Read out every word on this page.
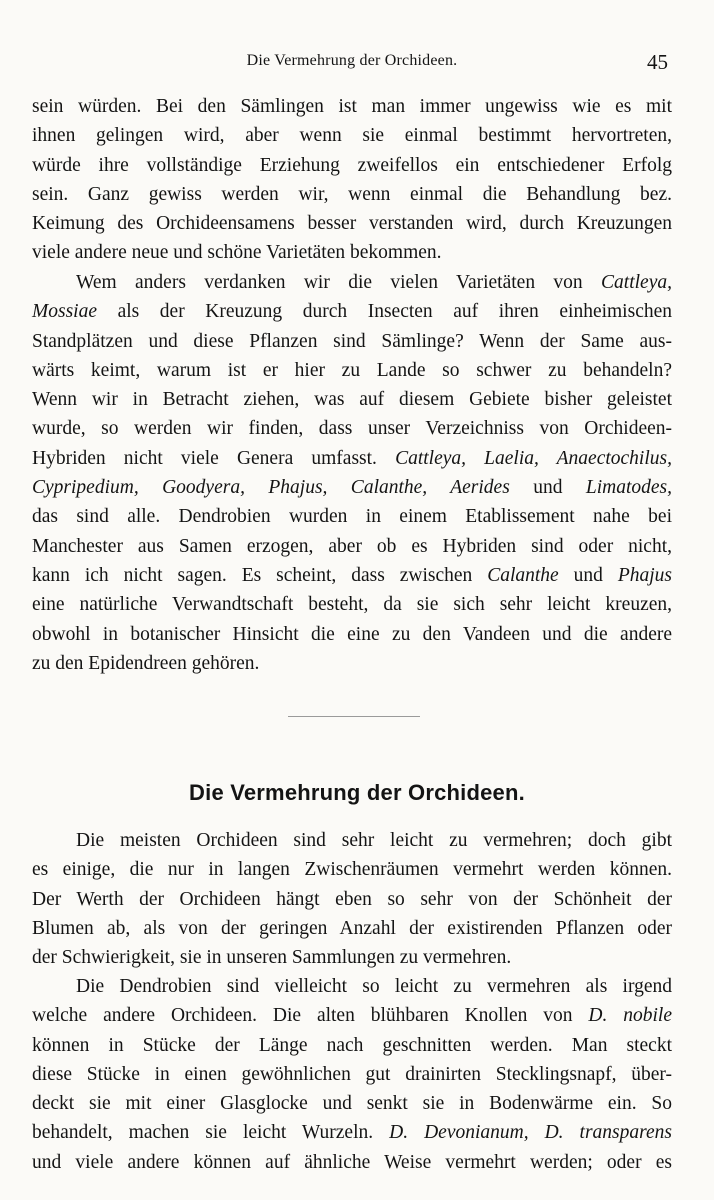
Die Vermehrung der Orchideen.	45
sein würden. Bei den Sämlingen ist man immer ungewiss wie es mit
ihnen gelingen wird, aber wenn sie einmal bestimmt hervortreten,
würde ihre vollständige Erziehung zweifellos ein entschiedener Erfolg
sein. Ganz gewiss werden wir, wenn einmal die Behandlung bez.
Keimung des Orchideensamens besser verstanden wird, durch Kreuzungen
viele andere neue und schöne Varietäten bekommen.
Wem anders verdanken wir die vielen Varietäten von Cattleya,
Mossiae als der Kreuzung durch Insecten auf ihren einheimischen
Standplätzen und diese Pflanzen sind Sämlinge? Wenn der Same aus-
wärts keimt, warum ist er hier zu Lande so schwer zu behandeln?
Wenn wir in Betracht ziehen, was auf diesem Gebiete bisher geleistet
wurde, so werden wir finden, dass unser Verzeichniss von Orchideen-
Hybriden nicht viele Genera umfasst. Cattleya, Laelia, Anaectochilus,
Cypripedium, Goodyera, Phajus, Calanthe, Aerides und Limatodes,
das sind alle. Dendrobien wurden in einem Etablissement nahe bei
Manchester aus Samen erzogen, aber ob es Hybriden sind oder nicht,
kann ich nicht sagen. Es scheint, dass zwischen Calanthe und Phajus
eine natürliche Verwandtschaft besteht, da sie sich sehr leicht kreuzen,
obwohl in botanischer Hinsicht die eine zu den Vandeen und die andere
zu den Epidendreen gehören.
Die Vermehrung der Orchideen.
Die meisten Orchideen sind sehr leicht zu vermehren; doch gibt
es einige, die nur in langen Zwischenräumen vermehrt werden können.
Der Werth der Orchideen hängt eben so sehr von der Schönheit der
Blumen ab, als von der geringen Anzahl der existirenden Pflanzen oder
der Schwierigkeit, sie in unseren Sammlungen zu vermehren.
Die Dendrobien sind vielleicht so leicht zu vermehren als irgend
welche andere Orchideen. Die alten blühbaren Knollen von D. nobile
können in Stücke der Länge nach geschnitten werden. Man steckt
diese Stücke in einen gewöhnlichen gut drainirten Stecklingsnapf, über-
deckt sie mit einer Glasglocke und senkt sie in Bodenwärme ein. So
behandelt, machen sie leicht Wurzeln. D. Devonianum, D. transparens
und viele andere können auf ähnliche Weise vermehrt werden; oder es
